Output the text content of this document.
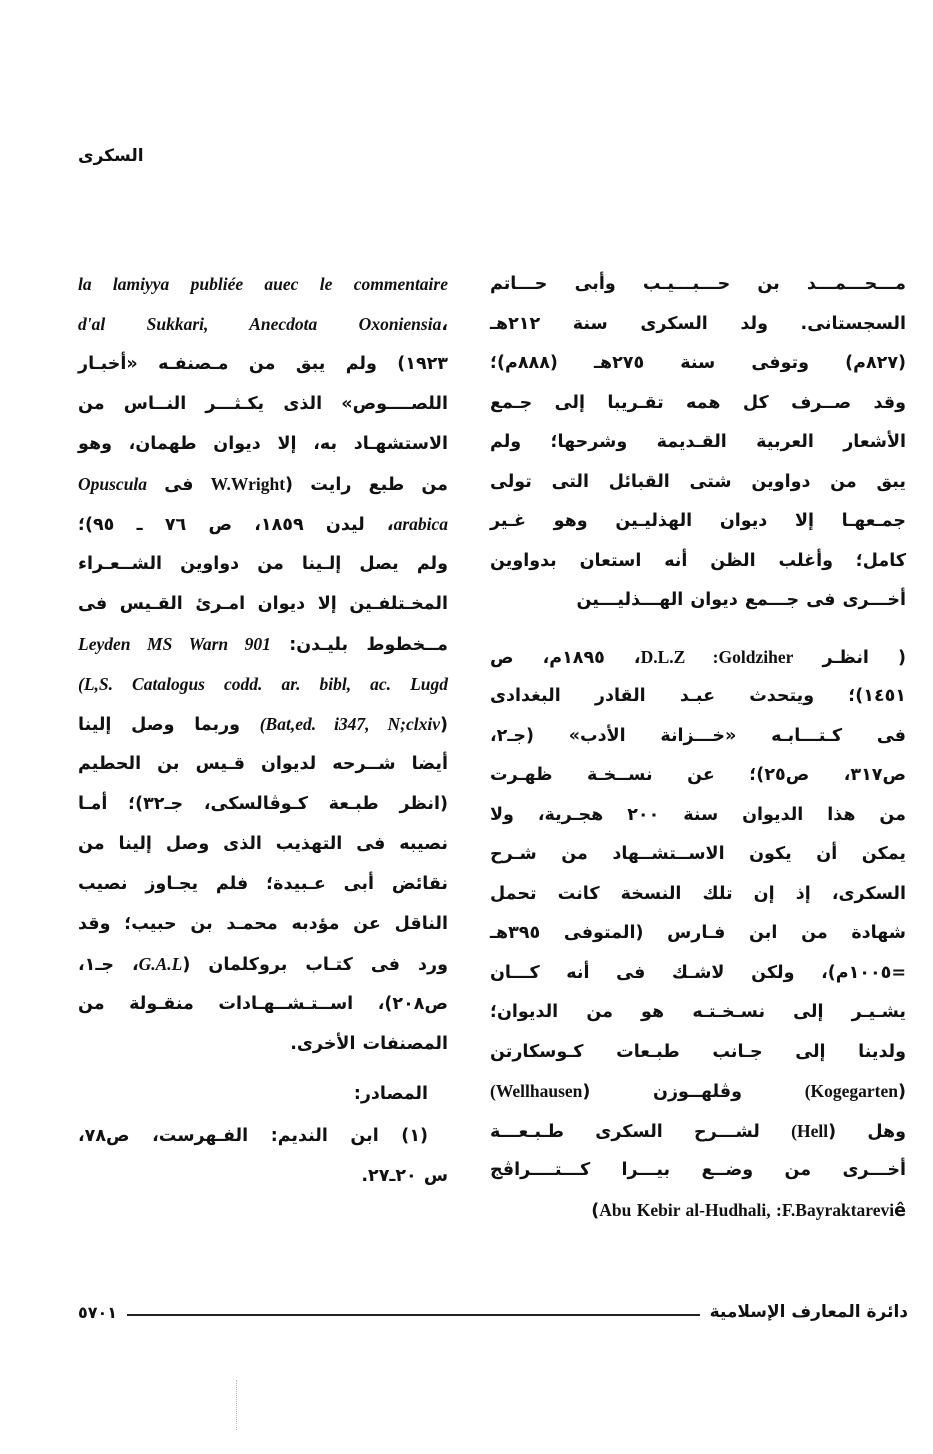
السكرى
مـــحـــمـــد بن حـــبـــيـب وأبى حـــاتم
السجستانى. ولد السكرى سنة ٢١٢هـ
(٨٢٧م) وتوفى سنة ٢٧٥هـ (٨٨٨م)؛
وقد صــرف كل همه تقـريبا إلى جـمع
الأشعار العربية القـديمة وشرحها؛ ولم
يبق من دواوين شتى القبائل التى تولى
جمـعهـا إلا ديوان الهذليـين وهو غـير
كامل؛ وأغلب الظن أنه استعان بدواوين
أخـــرى فى جـــمع ديوان الهـــذليـــين
( انظـر D.L.Z :Goldziher، ١٨٩٥م، ص
١٤٥١)؛ ويتحدث عبـد القادر البغدادى
فى كـتـــابـه «خـــزانة الأدب» (جـ٢،
ص٣١٧، ص٢٥)؛ عن نســخـة ظهـرت
من هذا الديوان سنة ٢٠٠ هجـرية، ولا
يمكن أن يكون الاســتشــهاد من شـرح
السكرى، إذ إن تلك النسخة كانت تحمل
شهادة من ابن فـارس (المتوفى ٣٩٥هـ
=١٠٠٥م)، ولكن لاشـك فى أنه كـــان
يشـيـر إلى نسـخـتـه هو من الديوان؛
ولدينا إلى جـانب طبـعات كـوسكارتن
(Kogegarten) وڤلهــوزن (Wellhausen)
وهل (Hell) لشـــرح السكرى طـبـعـــة
أخـــرى من وضــع بيـــرا كـــتــــراڤج
Abu Kebir al-Hudhali, :F.Bayraktareviê)
la lamiyya publiée auec le commentaire
،d'al Sukkari, Anecdota Oxoniensia
١٩٢٣) ولم يبق من مـصنفـه «أخبـار
اللصــــوص» الذى يكـثـــر النــاس من
الاستشهـاد به، إلا ديوان طهمان، وهو
من طبع رايت (W.Wright فى Opuscula
arabica، ليدن ١٨٥٩، ص ٧٦ ـ ٩٥)؛
ولم يصل إلـينا من دواوين الشــعـراء
المخـتلفـين إلا ديوان امـرئ القـيس فى
مــخطوط بليـدن: Leyden MS Warn 901
L,S. Catalogus codd. ar. bibl, ac. Lugd)
(Bat,ed. i347, N;clxiv) وربما وصل إلينا
أيضا شــرحه لديوان قـيس بن الحطيم
(انظر طبـعة كـوڤالسكى، جـ٣٢)؛ أمـا
نصيبه فى التهذيب الذى وصل إلينا من
نقائض أبى عـبيدة؛ فلم يجـاوز نصيب
الناقل عن مؤدبه محمـد بن حبيب؛ وقد
ورد فى كتـاب بروكلمان (G.A.L، جـ١،
ص٢٠٨)، اســتـشــهـادات منقـولة من
المصنفات الأخرى.
المصادر:
(١) ابن النديم: الفـهرست، ص٧٨،
س ٢٠ـ٢٧.
دائرة المعارف الإسلامية
٥٧٠١
